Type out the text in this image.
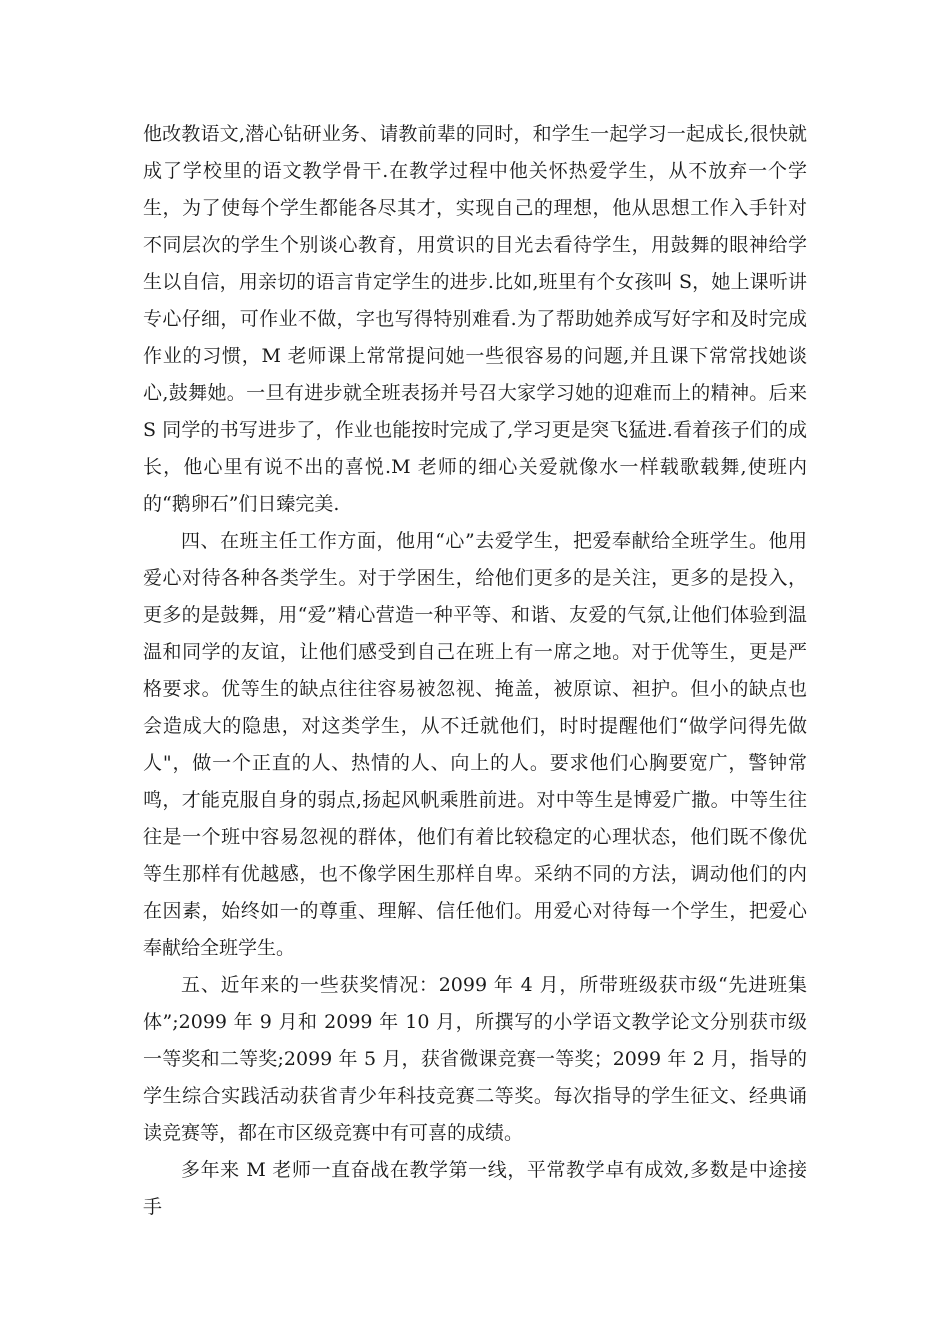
他改教语文,潜心钻研业务、请教前辈的同时，和学生一起学习一起成长,很快就成了学校里的语文教学骨干.在教学过程中他关怀热爱学生，从不放弃一个学生，为了使每个学生都能各尽其才，实现自己的理想，他从思想工作入手针对不同层次的学生个别谈心教育，用赏识的目光去看待学生，用鼓舞的眼神给学生以自信，用亲切的语言肯定学生的进步.比如,班里有个女孩叫 S，她上课听讲专心仔细，可作业不做，字也写得特别难看.为了帮助她养成写好字和及时完成作业的习惯，M 老师课上常常提问她一些很容易的问题,并且课下常常找她谈心,鼓舞她。一旦有进步就全班表扬并号召大家学习她的迎难而上的精神。后来 S 同学的书写进步了，作业也能按时完成了,学习更是突飞猛进.看着孩子们的成长，他心里有说不出的喜悦.M 老师的细心关爱就像水一样载歌载舞,使班内的“鹅卵石”们日臻完美.

四、在班主任工作方面，他用“心”去爱学生，把爱奉献给全班学生。他用爱心对待各种各类学生。对于学困生，给他们更多的是关注，更多的是投入，更多的是鼓舞，用“爱”精心营造一种平等、和谐、友爱的气氛,让他们体验到温温和同学的友谊，让他们感受到自己在班上有一席之地。对于优等生，更是严格要求。优等生的缺点往往容易被忽视、掩盖，被原谅、袒护。但小的缺点也会造成大的隐患，对这类学生，从不迁就他们，时时提醒他们“做学问得先做人"，做一个正直的人、热情的人、向上的人。要求他们心胸要宽广，警钟常鸣，才能克服自身的弱点,扬起风帆乘胜前进。对中等生是博爱广撒。中等生往往是一个班中容易忽视的群体，他们有着比较稳定的心理状态，他们既不像优等生那样有优越感，也不像学困生那样自卑。采纳不同的方法，调动他们的内在因素，始终如一的尊重、理解、信任他们。用爱心对待每一个学生，把爱心奉献给全班学生。

五、近年来的一些获奖情况：2099 年 4 月，所带班级获市级“先进班集体”;2099 年 9 月和 2099 年 10 月，所撰写的小学语文教学论文分别获市级一等奖和二等奖;2099 年 5 月，获省微课竞赛一等奖；2099 年 2 月，指导的学生综合实践活动获省青少年科技竞赛二等奖。每次指导的学生征文、经典诵读竞赛等，都在市区级竞赛中有可喜的成绩。

多年来 M 老师一直奋战在教学第一线，平常教学卓有成效,多数是中途接手
